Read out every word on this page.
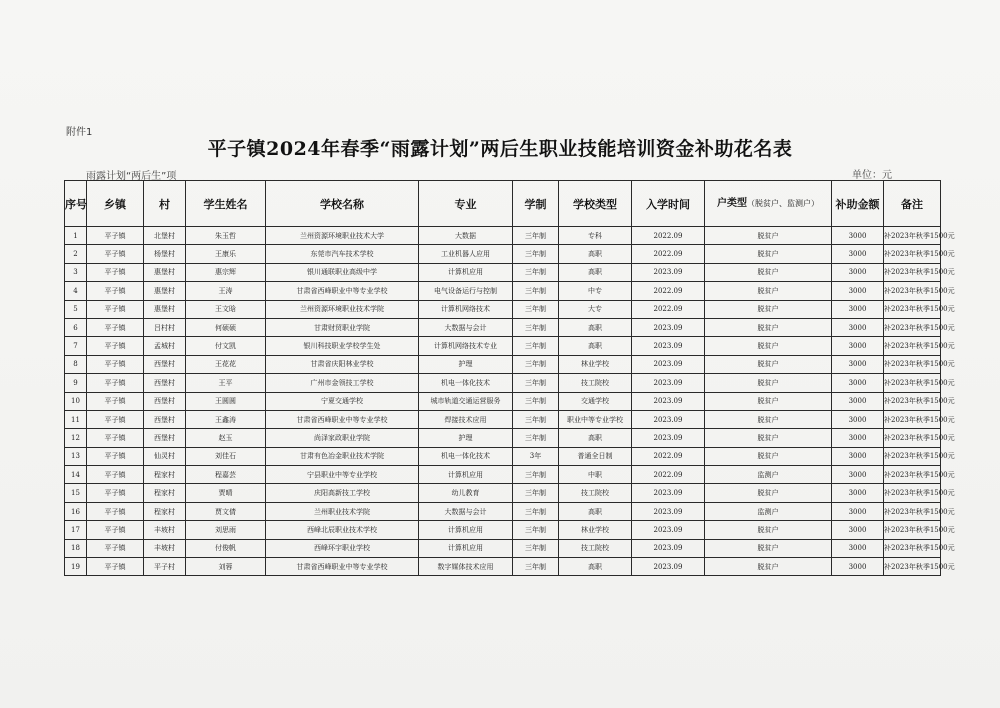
附件1
平子镇2024年春季“雨露计划”两后生职业技能培训资金补助花名表
雨露计划“两后生”项	单位：元
序号	乡镇	村	学生姓名	学校名称	专业	学制	学校类型	入学时间	户类型（脱贫户、监测户）	补助金额	备注
1	平子镇	北堡村	朱玉哲	兰州资源环境职业技术大学	大数据	三年制	专科	2022.09	脱贫户	3000	补2023年秋季1500元
2	平子镇	杨堡村	王康乐	东莞市汽车技术学校	工业机器人应用	三年制	高职	2022.09	脱贫户	3000	补2023年秋季1500元
3	平子镇	惠堡村	惠宗辉	银川通联职业高级中学	计算机应用	三年制	高职	2023.09	脱贫户	3000	补2023年秋季1500元
4	平子镇	惠堡村	王涛	甘肃省西峰职业中等专业学校	电气设备运行与控制	三年制	中专	2022.09	脱贫户	3000	补2023年秋季1500元
5	平子镇	惠堡村	王文晗	兰州资源环境职业技术学院	计算机网络技术	三年制	大专	2022.09	脱贫户	3000	补2023年秋季1500元
6	平子镇	吕村村	何硕硕	甘肃财贸职业学院	大数据与会计	三年制	高职	2023.09	脱贫户	3000	补2023年秋季1500元
7	平子镇	孟城村	付文凯	银川科技职业学校学生处	计算机网络技术专业	三年制	高职	2023.09	脱贫户	3000	补2023年秋季1500元
8	平子镇	西堡村	王花花	甘肃省庆阳林业学校	护理	三年制	林业学校	2023.09	脱贫户	3000	补2023年秋季1500元
9	平子镇	西堡村	王平	广州市金领技工学校	机电一体化技术	三年制	技工院校	2023.09	脱贫户	3000	补2023年秋季1500元
10	平子镇	西堡村	王圆圆	宁夏交通学校	城市轨道交通运营服务	三年制	交通学校	2023.09	脱贫户	3000	补2023年秋季1500元
11	平子镇	西堡村	王鑫涛	甘肃省西峰职业中等专业学校	焊接技术应用	三年制	职业中等专业学校	2023.09	脱贫户	3000	补2023年秋季1500元
12	平子镇	西堡村	赵玉	尚泽家政职业学院	护理	三年制	高职	2023.09	脱贫户	3000	补2023年秋季1500元
13	平子镇	仙灵村	刘佳石	甘肃有色冶金职业技术学院	机电一体化技术	3年	普通全日制	2022.09	脱贫户	3000	补2023年秋季1500元
14	平子镇	程家村	程嘉芸	宁县职业中等专业学校	计算机应用	三年制	中职	2022.09	监测户	3000	补2023年秋季1500元
15	平子镇	程家村	贾晴	庆阳高新技工学校	幼儿教育	三年制	技工院校	2023.09	脱贫户	3000	补2023年秋季1500元
16	平子镇	程家村	贾文倩	兰州职业技术学院	大数据与会计	三年制	高职	2023.09	监测户	3000	补2023年秋季1500元
17	平子镇	丰坡村	刘思雨	西峰北辰职业技术学校	计算机应用	三年制	林业学校	2023.09	脱贫户	3000	补2023年秋季1500元
18	平子镇	丰坡村	付俊帆	西峰环宇职业学校	计算机应用	三年制	技工院校	2023.09	脱贫户	3000	补2023年秋季1500元
19	平子镇	平子村	刘蓉	甘肃省西峰职业中等专业学校	数字媒体技术应用	三年制	高职	2023.09	脱贫户	3000	补2023年秋季1500元
